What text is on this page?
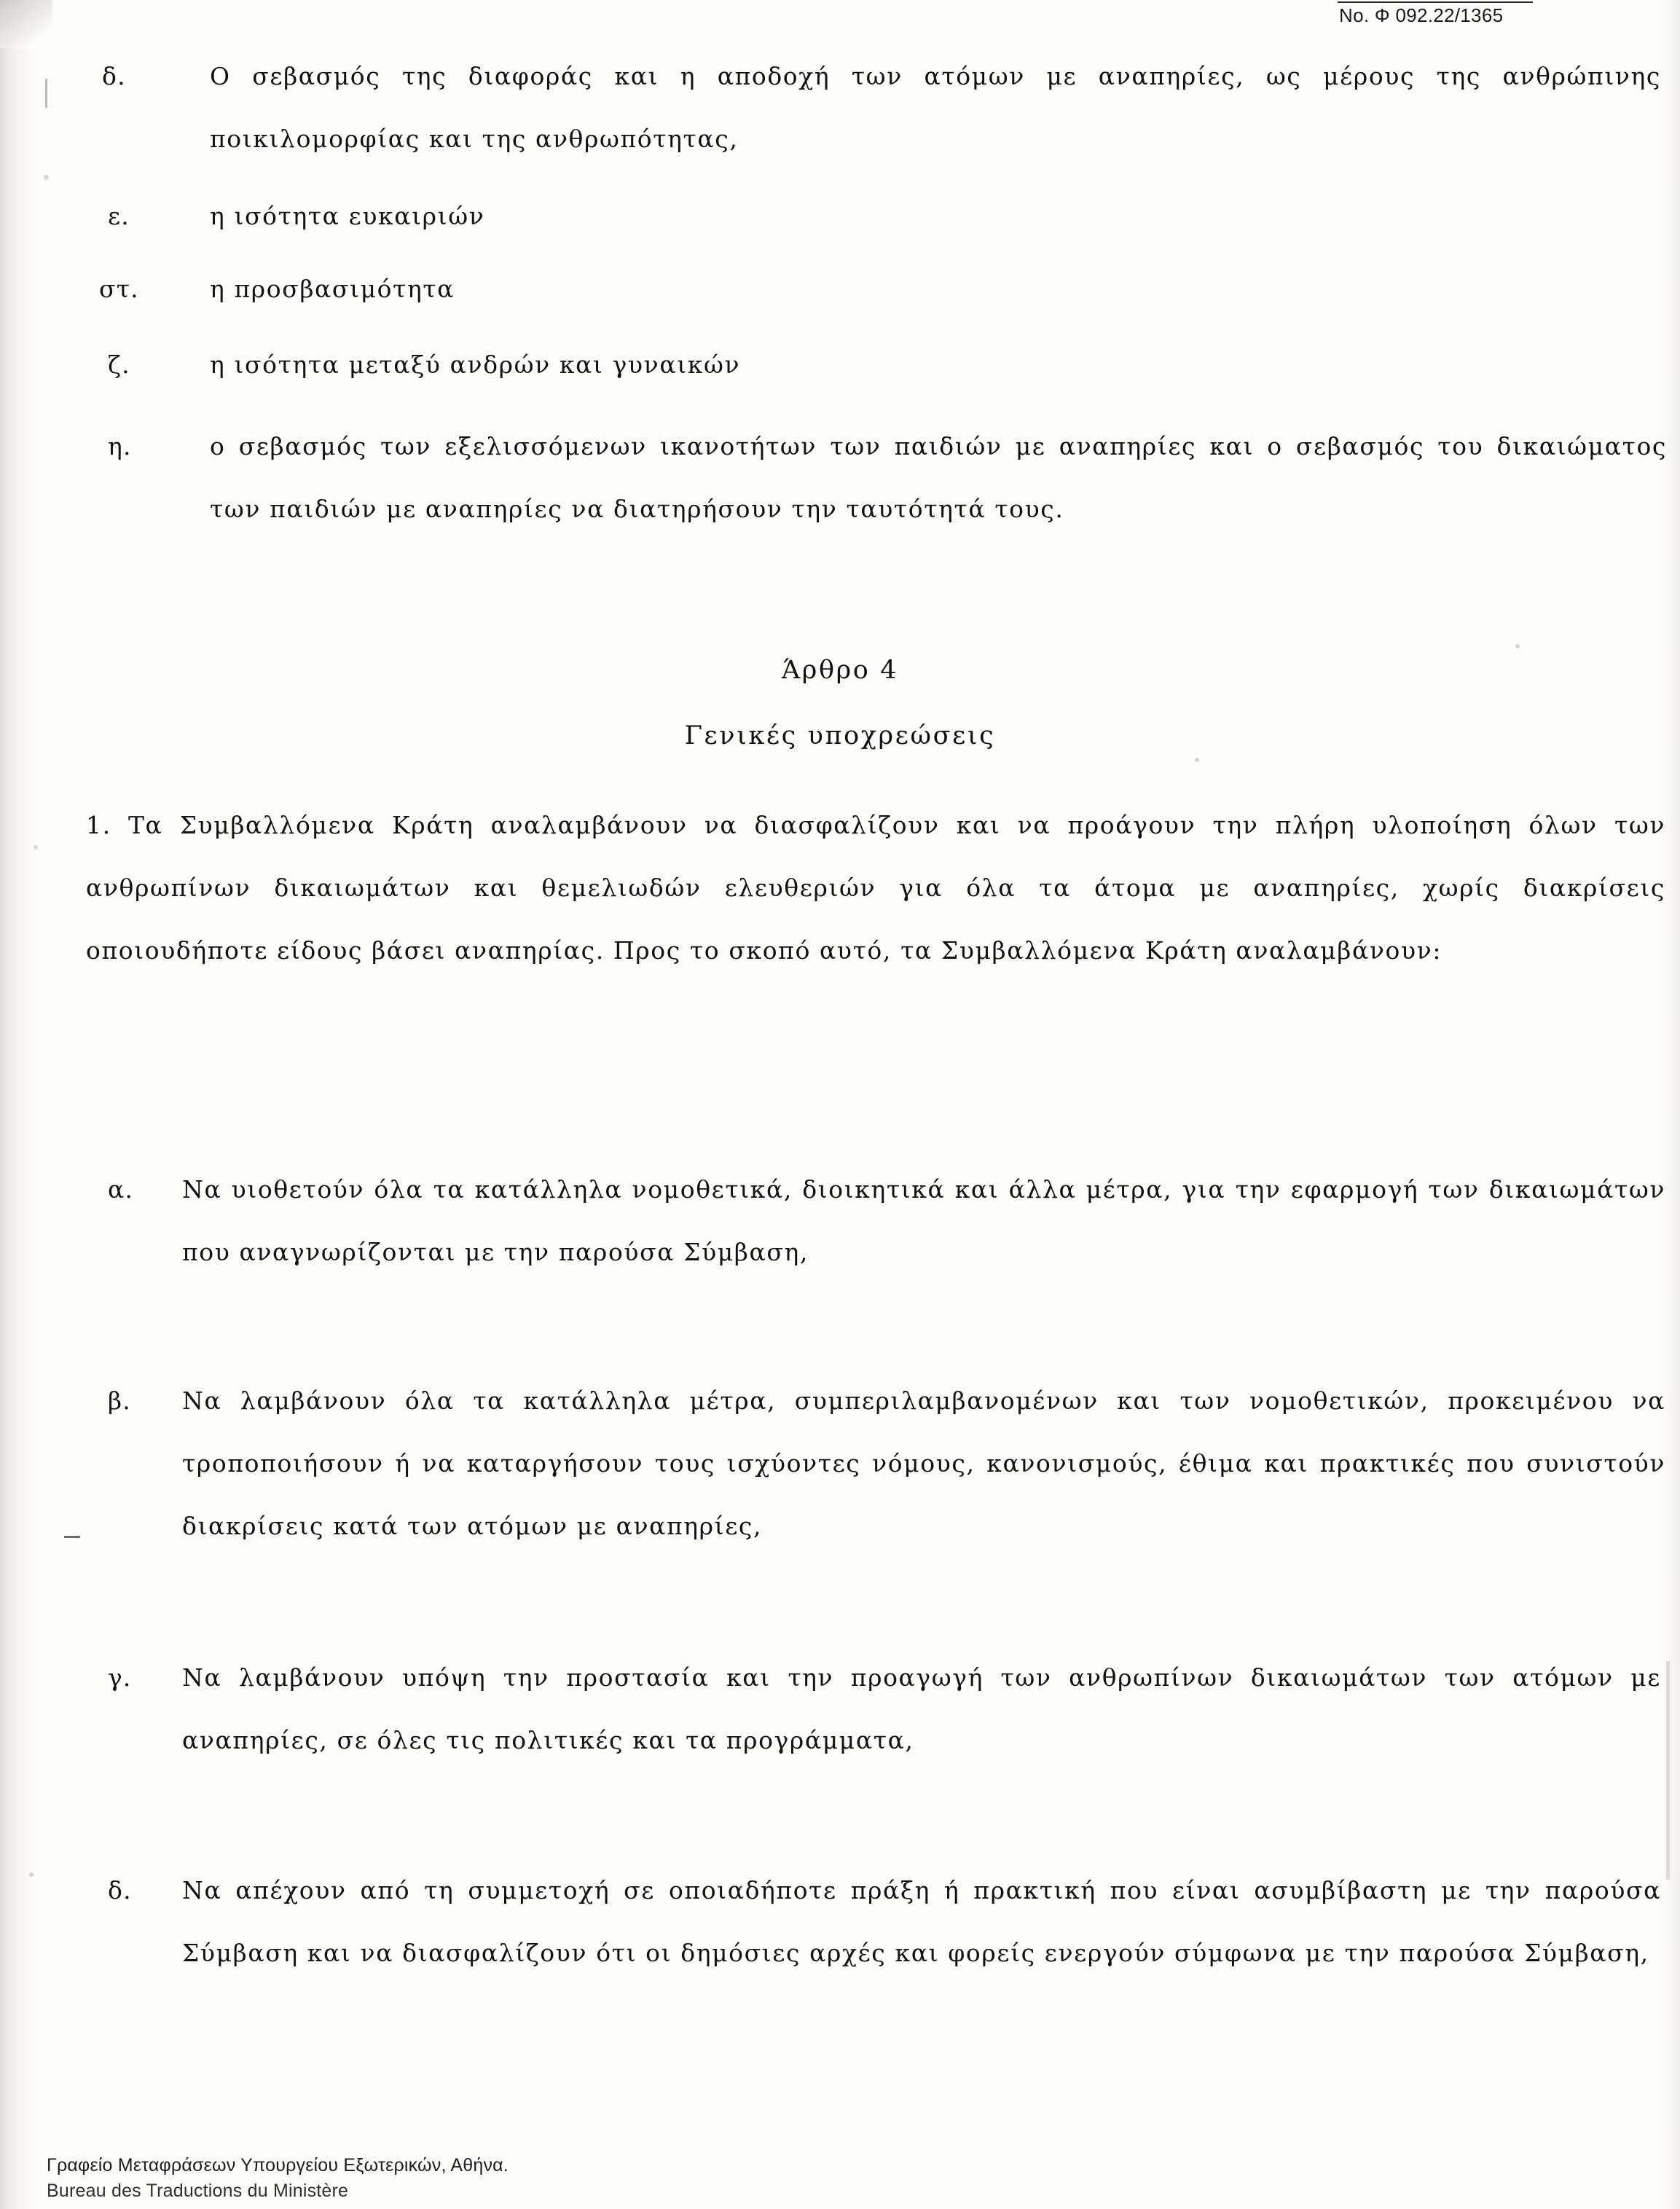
Νο. Φ 092.22/1365
δ.	Ο σεβασμός της διαφοράς και η αποδοχή των ατόμων με αναπηρίες, ως μέρους της ανθρώπινης ποικιλομορφίας και της ανθρωπότητας,
ε.	η ισότητα ευκαιριών
στ.	η προσβασιμότητα
ζ.	η ισότητα μεταξύ ανδρών και γυναικών
η.	ο σεβασμός των εξελισσόμενων ικανοτήτων των παιδιών με αναπηρίες και ο σεβασμός του δικαιώματος των παιδιών με αναπηρίες να διατηρήσουν την ταυτότητά τους.
Άρθρο 4
Γενικές υποχρεώσεις
1. Τα Συμβαλλόμενα Κράτη αναλαμβάνουν να διασφαλίζουν και να προάγουν την πλήρη υλοποίηση όλων των ανθρωπίνων δικαιωμάτων και θεμελιωδών ελευθεριών για όλα τα άτομα με αναπηρίες, χωρίς διακρίσεις οποιουδήποτε είδους βάσει αναπηρίας. Προς το σκοπό αυτό, τα Συμβαλλόμενα Κράτη αναλαμβάνουν:
α. Να υιοθετούν όλα τα κατάλληλα νομοθετικά, διοικητικά και άλλα μέτρα, για την εφαρμογή των δικαιωμάτων που αναγνωρίζονται με την παρούσα Σύμβαση,
β. Να λαμβάνουν όλα τα κατάλληλα μέτρα, συμπεριλαμβανομένων και των νομοθετικών, προκειμένου να τροποποιήσουν ή να καταργήσουν τους ισχύοντες νόμους, κανονισμούς, έθιμα και πρακτικές που συνιστούν διακρίσεις κατά των ατόμων με αναπηρίες,
γ. Να λαμβάνουν υπόψη την προστασία και την προαγωγή των ανθρωπίνων δικαιωμάτων των ατόμων με αναπηρίες, σε όλες τις πολιτικές και τα προγράμματα,
δ. Να απέχουν από τη συμμετοχή σε οποιαδήποτε πράξη ή πρακτική που είναι ασυμβίβαστη με την παρούσα Σύμβαση και να διασφαλίζουν ότι οι δημόσιες αρχές και φορείς ενεργούν σύμφωνα με την παρούσα Σύμβαση,
Γραφείο Μεταφράσεων Υπουργείου Εξωτερικών, Αθήνα.
Bureau des Traductions du Ministère
